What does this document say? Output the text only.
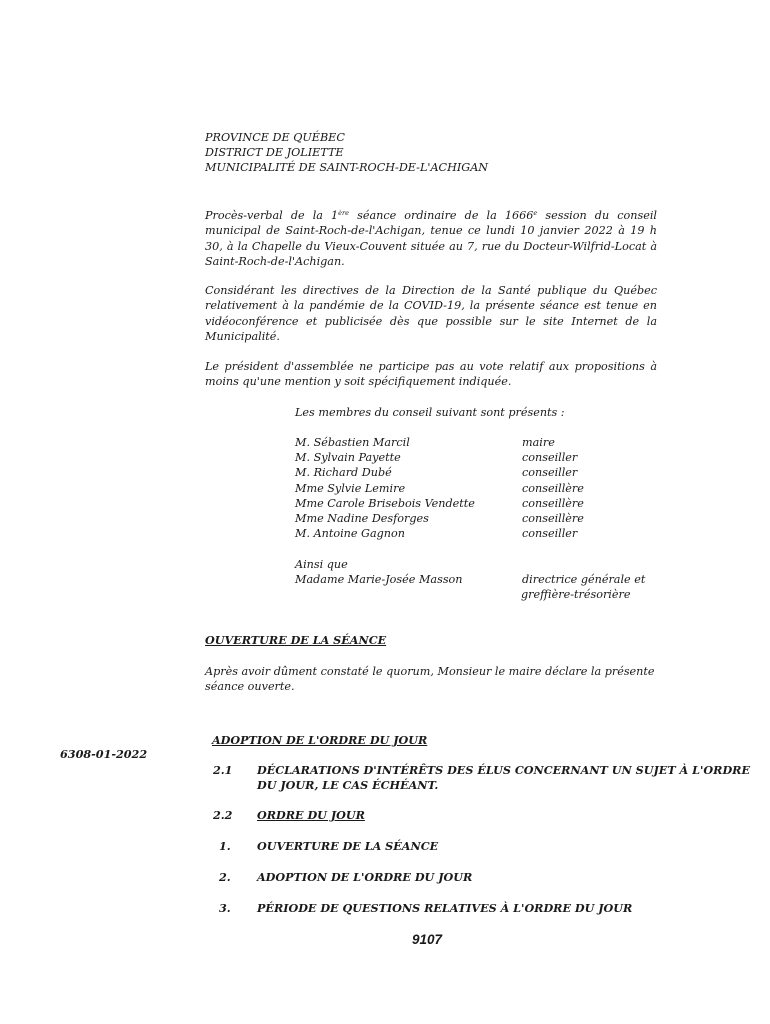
PROVINCE DE QUÉBEC
DISTRICT DE JOLIETTE
MUNICIPALITÉ DE SAINT-ROCH-DE-L'ACHIGAN
Procès-verbal de la 1ère séance ordinaire de la 1666e session du conseil municipal de Saint-Roch-de-l'Achigan, tenue ce lundi 10 janvier 2022 à 19 h 30, à la Chapelle du Vieux-Couvent située au 7, rue du Docteur-Wilfrid-Locat à Saint-Roch-de-l'Achigan.
Considérant les directives de la Direction de la Santé publique du Québec relativement à la pandémie de la COVID-19, la présente séance est tenue en vidéoconférence et publicisée dès que possible sur le site Internet de la Municipalité.
Le président d'assemblée ne participe pas au vote relatif aux propositions à moins qu'une mention y soit spécifiquement indiquée.
Les membres du conseil suivant sont présents :
M. Sébastien Marcil	maire
M. Sylvain Payette	conseiller
M. Richard Dubé	conseiller
Mme Sylvie Lemire	conseillère
Mme Carole Brisebois Vendette	conseillère
Mme Nadine Desforges	conseillère
M. Antoine Gagnon	conseiller
Ainsi que
Madame Marie-Josée Masson	directrice générale et
greffière-trésorière
OUVERTURE DE LA SÉANCE
Après avoir dûment constaté le quorum, Monsieur le maire déclare la présente séance ouverte.
6308-01-2022
ADOPTION DE L'ORDRE DU JOUR
2.1 DÉCLARATIONS D'INTÉRÊTS DES ÉLUS CONCERNANT UN SUJET À L'ORDRE
DU JOUR, LE CAS ÉCHÉANT.
2.2 ORDRE DU JOUR
1. OUVERTURE DE LA SÉANCE
2. ADOPTION DE L'ORDRE DU JOUR
3. PÉRIODE DE QUESTIONS RELATIVES À L'ORDRE DU JOUR
9107
